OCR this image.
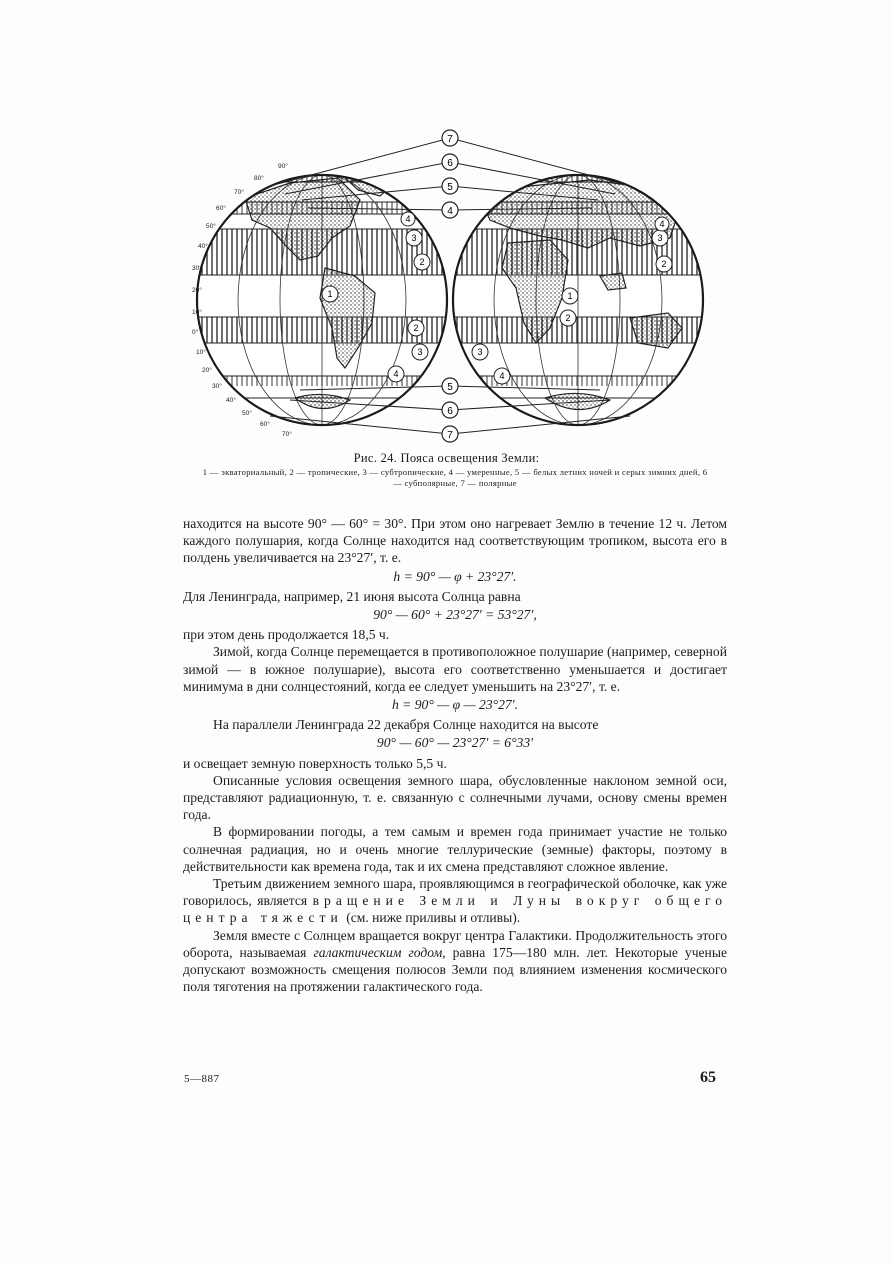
7
6
5
4
5
6
7
1
2
2
3
3
4
4
1
2
2
3
3
4
4
90°
80°
70°
60°
50°
40°
30°
20°
10°
0°
10°
20°
30°
40°
50°
60°
70°
Рис. 24. Пояса освещения Земли:
1 — экваториальный, 2 — тропические, 3 — субтропические, 4 — умеренные, 5 — белых летних ночей и серых зимних дней, 6 — субполярные, 7 — полярные

находится на высоте 90° — 60° = 30°. При этом оно нагревает Землю в течение 12 ч. Летом каждого полушария, когда Солнце находится над соответствующим тропиком, высота его в полдень увеличивается на 23°27′, т. е.

h = 90° — φ + 23°27′.

Для Ленинграда, например, 21 июня высота Солнца равна

90° — 60° + 23°27′ = 53°27′,

при этом день продолжается 18,5 ч.

Зимой, когда Солнце перемещается в противоположное полушарие (например, северной зимой — в южное полушарие), высота его соответственно уменьшается и достигает минимума в дни солнцестояний, когда ее следует уменьшить на 23°27′, т. е.

h = 90° — φ — 23°27′.

На параллели Ленинграда 22 декабря Солнце находится на высоте

90° — 60° — 23°27′ = 6°33′

и освещает земную поверхность только 5,5 ч.

Описанные условия освещения земного шара, обусловленные наклоном земной оси, представляют радиационную, т. е. связанную с солнечными лучами, основу смены времен года.

В формировании погоды, а тем самым и времен года принимает участие не только солнечная радиация, но и очень многие теллурические (земные) факторы, поэтому в действительности как времена года, так и их смена представляют сложное явление.

Третьим движением земного шара, проявляющимся в географической оболочке, как уже говорилось, является вращение Земли и Луны вокруг общего центра тяжести (см. ниже приливы и отливы).

Земля вместе с Солнцем вращается вокруг центра Галактики. Продолжительность этого оборота, называемая галактическим годом, равна 175—180 млн. лет. Некоторые ученые допускают возможность смещения полюсов Земли под влиянием изменения космического поля тяготения на протяжении галактического года.

5—887	65
